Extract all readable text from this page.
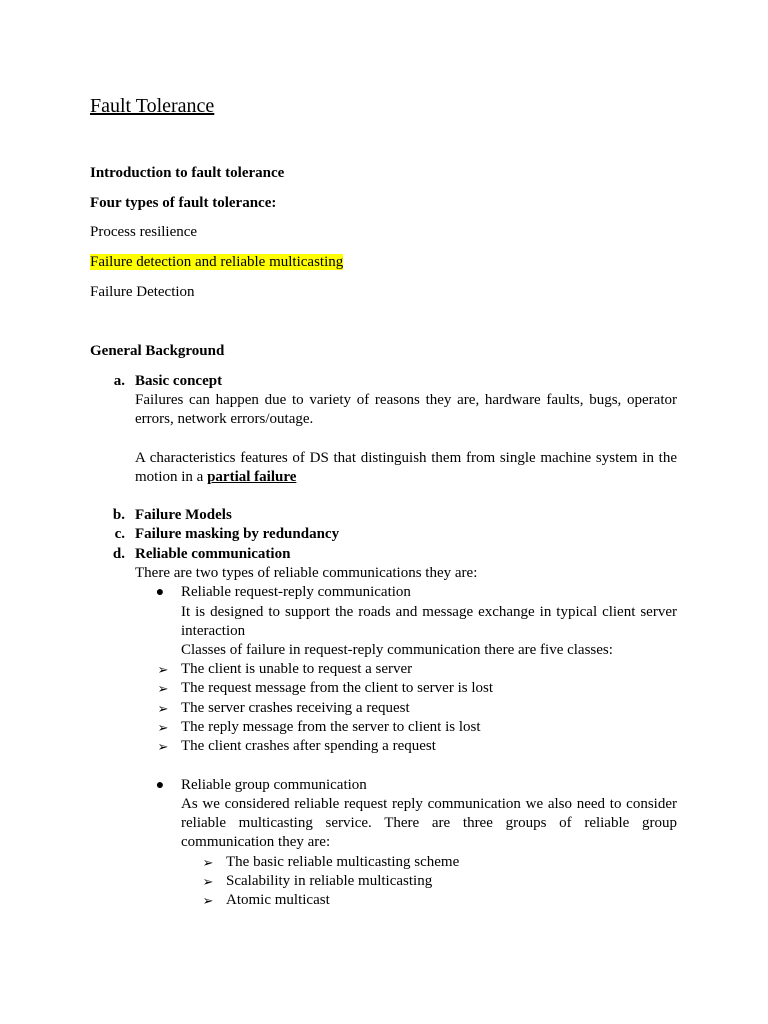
Fault Tolerance
Introduction to fault tolerance
Four types of fault tolerance:
Process resilience
Failure detection and reliable multicasting
Failure Detection
General Background
a. Basic concept
Failures can happen due to variety of reasons they are, hardware faults, bugs, operator errors, network errors/outage.
A characteristics features of DS that distinguish them from single machine system in the motion in a partial failure
b. Failure Models
c. Failure masking by redundancy
d. Reliable communication
There are two types of reliable communications they are:
● Reliable request-reply communication
It is designed to support the roads and message exchange in typical client server interaction
Classes of failure in request-reply communication there are five classes:
➢ The client is unable to request a server
➢ The request message from the client to server is lost
➢ The server crashes receiving a request
➢ The reply message from the server to client is lost
➢ The client crashes after spending a request
● Reliable group communication
As we considered reliable request reply communication we also need to consider reliable multicasting service. There are three groups of reliable group communication they are:
➢ The basic reliable multicasting scheme
➢ Scalability in reliable multicasting
➢ Atomic multicast
